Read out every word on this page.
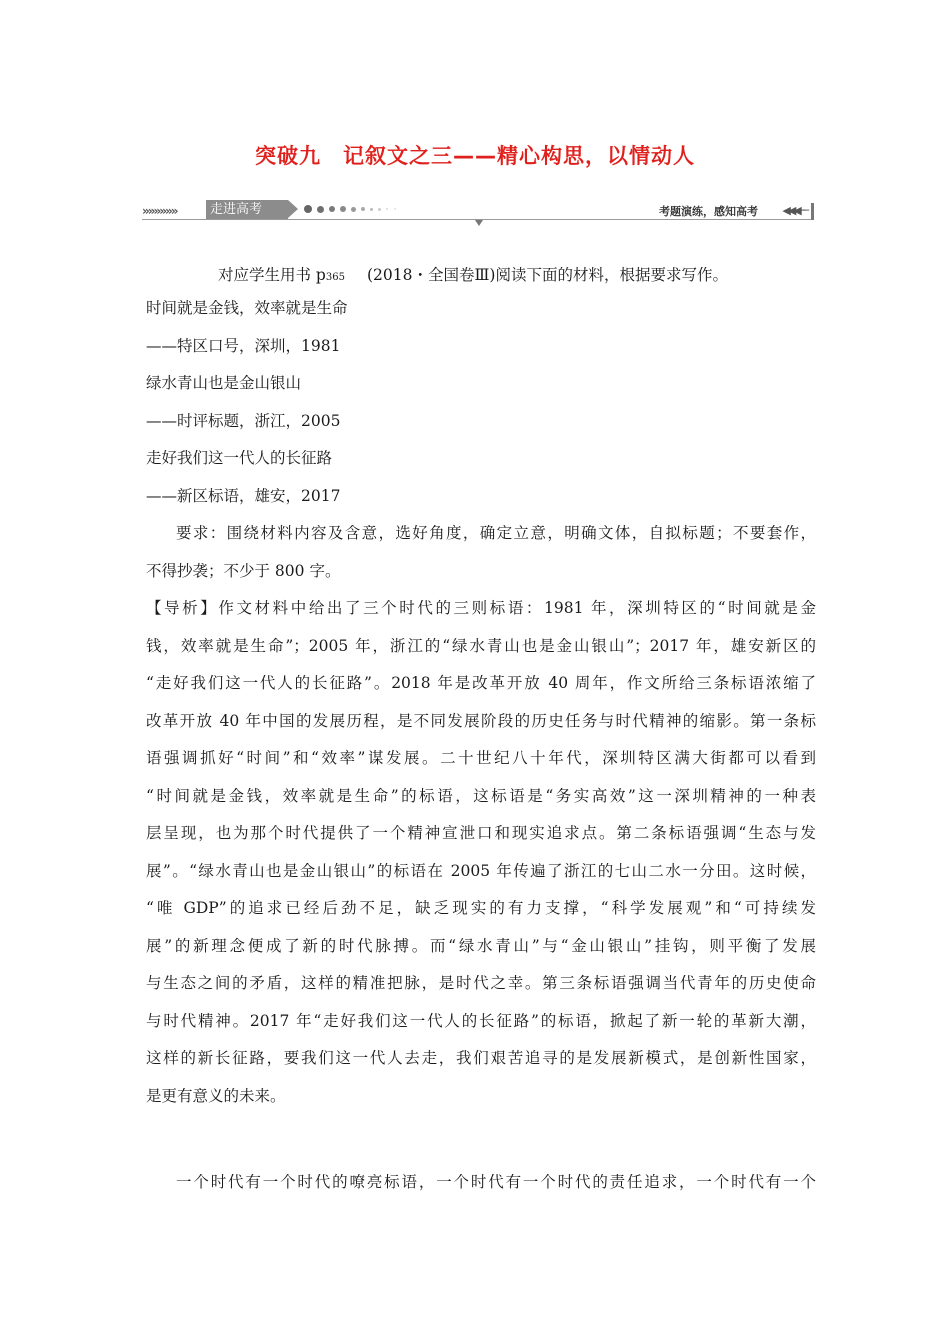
突破九　记叙文之三——精心构思，以情动人
»»»»»»	走进高考	考题演练，感知高考 ◀◀◀──
对应学生用书 p365 (2018・全国卷Ⅲ)阅读下面的材料，根据要求写作。
时间就是金钱，效率就是生命
——特区口号，深圳，1981
绿水青山也是金山银山
——时评标题，浙江，2005
走好我们这一代人的长征路
——新区标语，雄安，2017
要求：围绕材料内容及含意，选好角度，确定立意，明确文体，自拟标题；不要套作，
不得抄袭；不少于 800 字。
【导析】作文材料中给出了三个时代的三则标语：1981 年，深圳特区的“时间就是金
钱，效率就是生命”；2005 年，浙江的“绿水青山也是金山银山”；2017 年，雄安新区的
“走好我们这一代人的长征路”。2018 年是改革开放 40 周年，作文所给三条标语浓缩了
改革开放 40 年中国的发展历程，是不同发展阶段的历史任务与时代精神的缩影。第一条标
语强调抓好“时间”和“效率”谋发展。二十世纪八十年代，深圳特区满大街都可以看到
“时间就是金钱，效率就是生命”的标语，这标语是“务实高效”这一深圳精神的一种表
层呈现，也为那个时代提供了一个精神宣泄口和现实追求点。第二条标语强调“生态与发
展”。“绿水青山也是金山银山”的标语在 2005 年传遍了浙江的七山二水一分田。这时候，
“唯 GDP”的追求已经后劲不足，缺乏现实的有力支撑，“科学发展观”和“可持续发
展”的新理念便成了新的时代脉搏。而“绿水青山”与“金山银山”挂钩，则平衡了发展
与生态之间的矛盾，这样的精准把脉，是时代之幸。第三条标语强调当代青年的历史使命
与时代精神。2017 年“走好我们这一代人的长征路”的标语，掀起了新一轮的革新大潮，
这样的新长征路，要我们这一代人去走，我们艰苦追寻的是发展新模式，是创新性国家，
是更有意义的未来。
一个时代有一个时代的嘹亮标语，一个时代有一个时代的责任追求，一个时代有一个
